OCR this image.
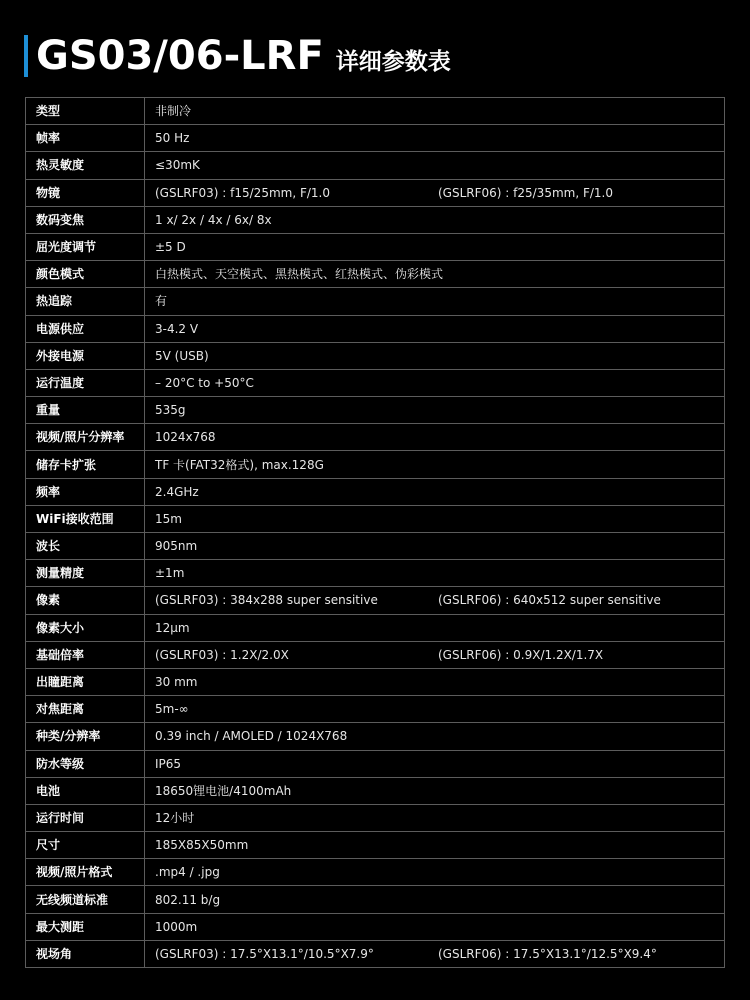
GS03/06-LRF 详细参数表
类型	非制冷
帧率	50 Hz
热灵敏度	≤30mK
物镜	(GSLRF03) : f15/25mm, F/1.0 (GSLRF06) : f25/35mm, F/1.0

数码变焦	1 x/ 2x / 4x / 6x/ 8x
屈光度调节	±5 D
颜色模式	白热模式、天空模式、黑热模式、红热模式、伪彩模式
热追踪	有
电源供应	3-4.2 V
外接电源	5V (USB)
运行温度	– 20°C to +50°C
重量	535g
视频/照片分辨率	1024x768
储存卡扩张	TF 卡(FAT32格式), max.128G
频率	2.4GHz
WiFi接收范围	15m
波长	905nm
测量精度	±1m
像素	(GSLRF03) : 384x288 super sensitive (GSLRF06) : 640x512 super sensitive

像素大小	12μm
基础倍率	(GSLRF03) : 1.2X/2.0X (GSLRF06) : 0.9X/1.2X/1.7X

出瞳距离	30 mm
对焦距离	5m-∞
种类/分辨率	0.39 inch / AMOLED / 1024X768
防水等级	IP65
电池	18650锂电池/4100mAh
运行时间	12小时
尺寸	185X85X50mm
视频/照片格式	.mp4 / .jpg
无线频道标准	802.11 b/g
最大测距	1000m
视场角	(GSLRF03) : 17.5°X13.1°/10.5°X7.9° (GSLRF06) : 17.5°X13.1°/12.5°X9.4°
